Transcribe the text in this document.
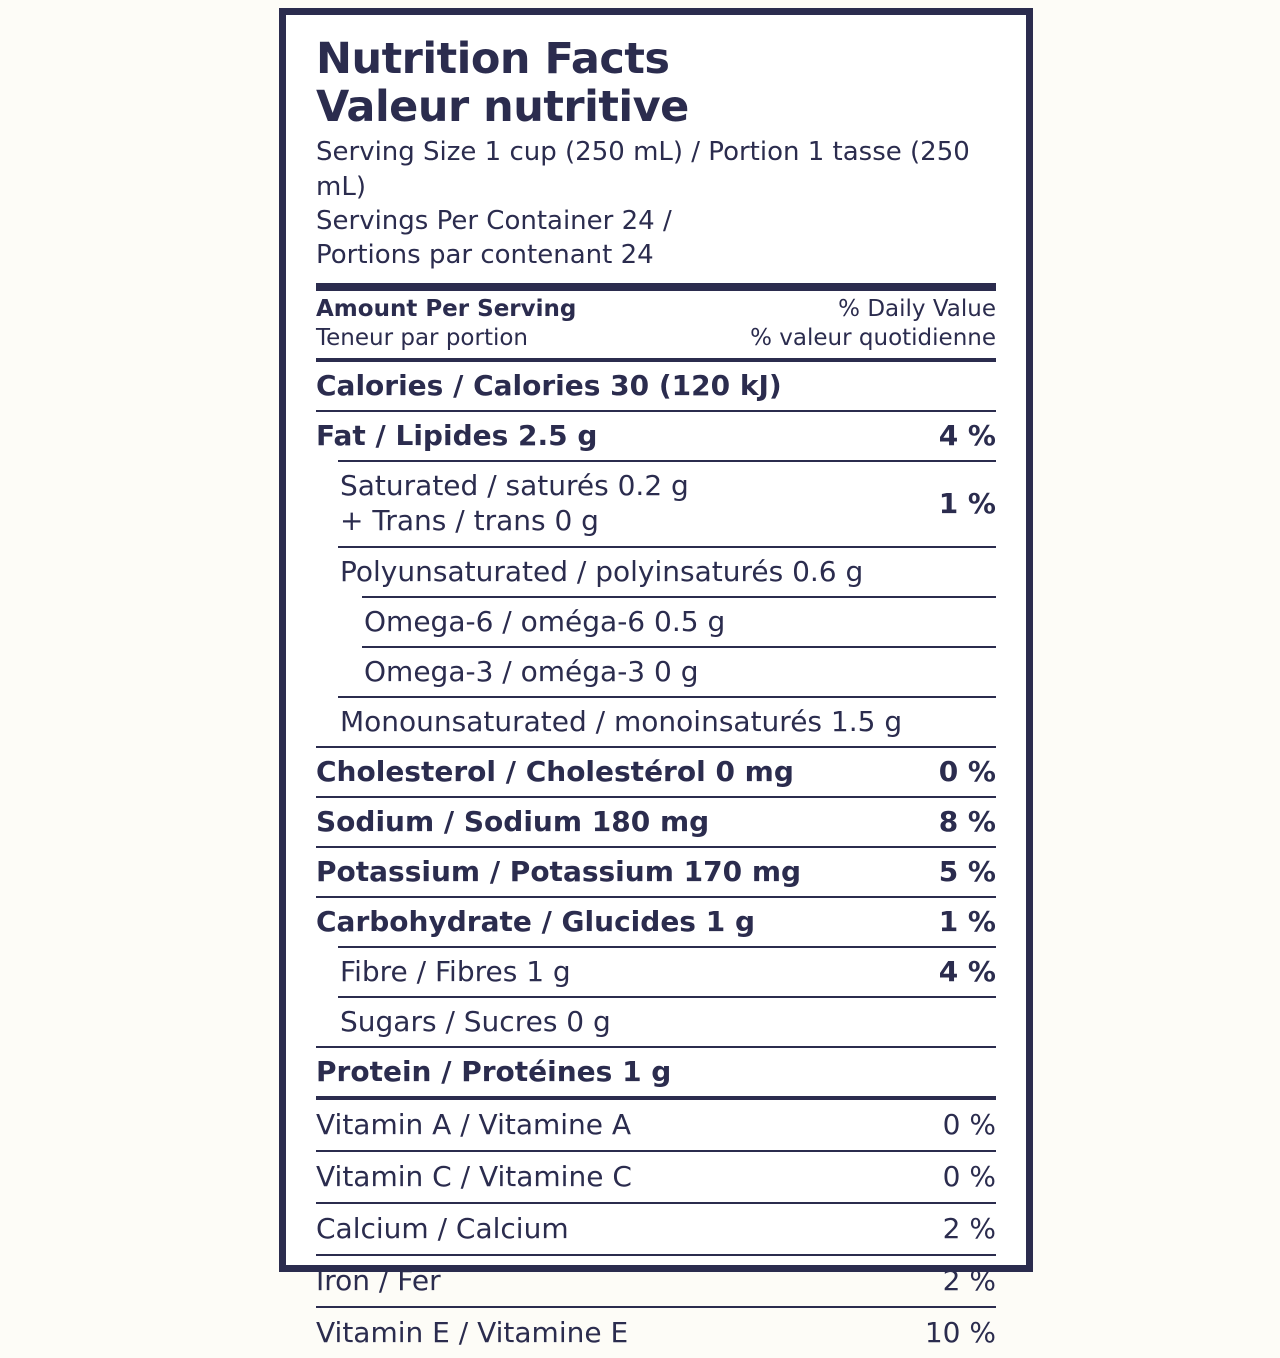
Nutrition Facts
Valeur nutritive
Serving Size 1 cup (250 mL) / Portion 1 tasse (250 mL)
Servings Per Container 24 /
Portions par contenant 24
Amount Per Serving
Teneur par portion
% Daily Value
% valeur quotidienne
Calories / Calories 30 (120 kJ)
Fat / Lipides 2.5 g	4 %
Saturated / saturés 0.2 g
+ Trans / trans 0 g	1 %
Polyunsaturated / polyinsaturés 0.6 g
Omega-6 / oméga-6 0.5 g
Omega-3 / oméga-3 0 g
Monounsaturated / monoinsaturés 1.5 g
Cholesterol / Cholestérol 0 mg	0 %
Sodium / Sodium 180 mg	8 %
Potassium / Potassium 170 mg	5 %
Carbohydrate / Glucides 1 g	1 %
Fibre / Fibres 1 g	4 %
Sugars / Sucres 0 g
Protein / Protéines 1 g
Vitamin A / Vitamine A	0 %
Vitamin C / Vitamine C	0 %
Calcium / Calcium	2 %
Iron / Fer	2 %
Vitamin E / Vitamine E	10 %
